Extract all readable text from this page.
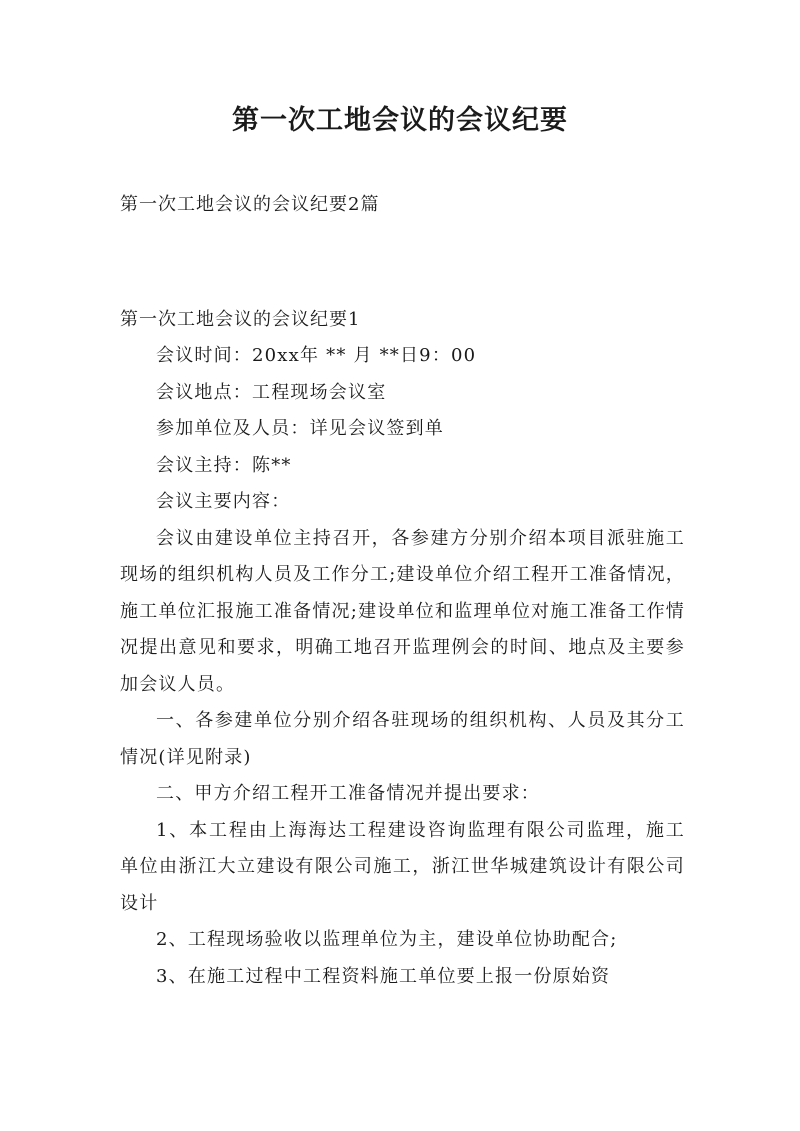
第一次工地会议的会议纪要
第一次工地会议的会议纪要2篇
第一次工地会议的会议纪要1

会议时间：20xx年 ** 月 **日9：00

会议地点：工程现场会议室

参加单位及人员：详见会议签到单

会议主持：陈**

会议主要内容：

会议由建设单位主持召开，各参建方分别介绍本项目派驻施工现场的组织机构人员及工作分工;建设单位介绍工程开工准备情况，施工单位汇报施工准备情况;建设单位和监理单位对施工准备工作情况提出意见和要求，明确工地召开监理例会的时间、地点及主要参加会议人员。

一、各参建单位分别介绍各驻现场的组织机构、人员及其分工情况(详见附录)

二、甲方介绍工程开工准备情况并提出要求：

1、本工程由上海海达工程建设咨询监理有限公司监理，施工单位由浙江大立建设有限公司施工，浙江世华城建筑设计有限公司设计

2、工程现场验收以监理单位为主，建设单位协助配合;

3、在施工过程中工程资料施工单位要上报一份原始资
